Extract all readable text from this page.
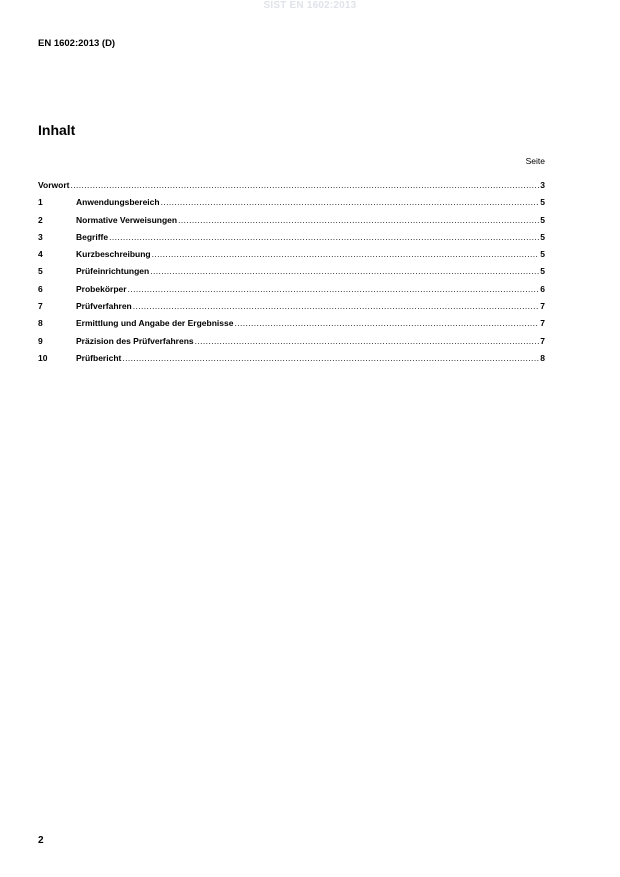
SIST EN 1602:2013
EN 1602:2013 (D)
Inhalt
Seite
Vorwort .....	3
1	Anwendungsbereich .....	5
2	Normative Verweisungen .....	5
3	Begriffe .....	5
4	Kurzbeschreibung .....	5
5	Prüfeinrichtungen .....	5
6	Probekörper .....	6
7	Prüfverfahren .....	7
8	Ermittlung und Angabe der Ergebnisse .....	7
9	Präzision des Prüfverfahrens .....	7
10	Prüfbericht .....	8
2
